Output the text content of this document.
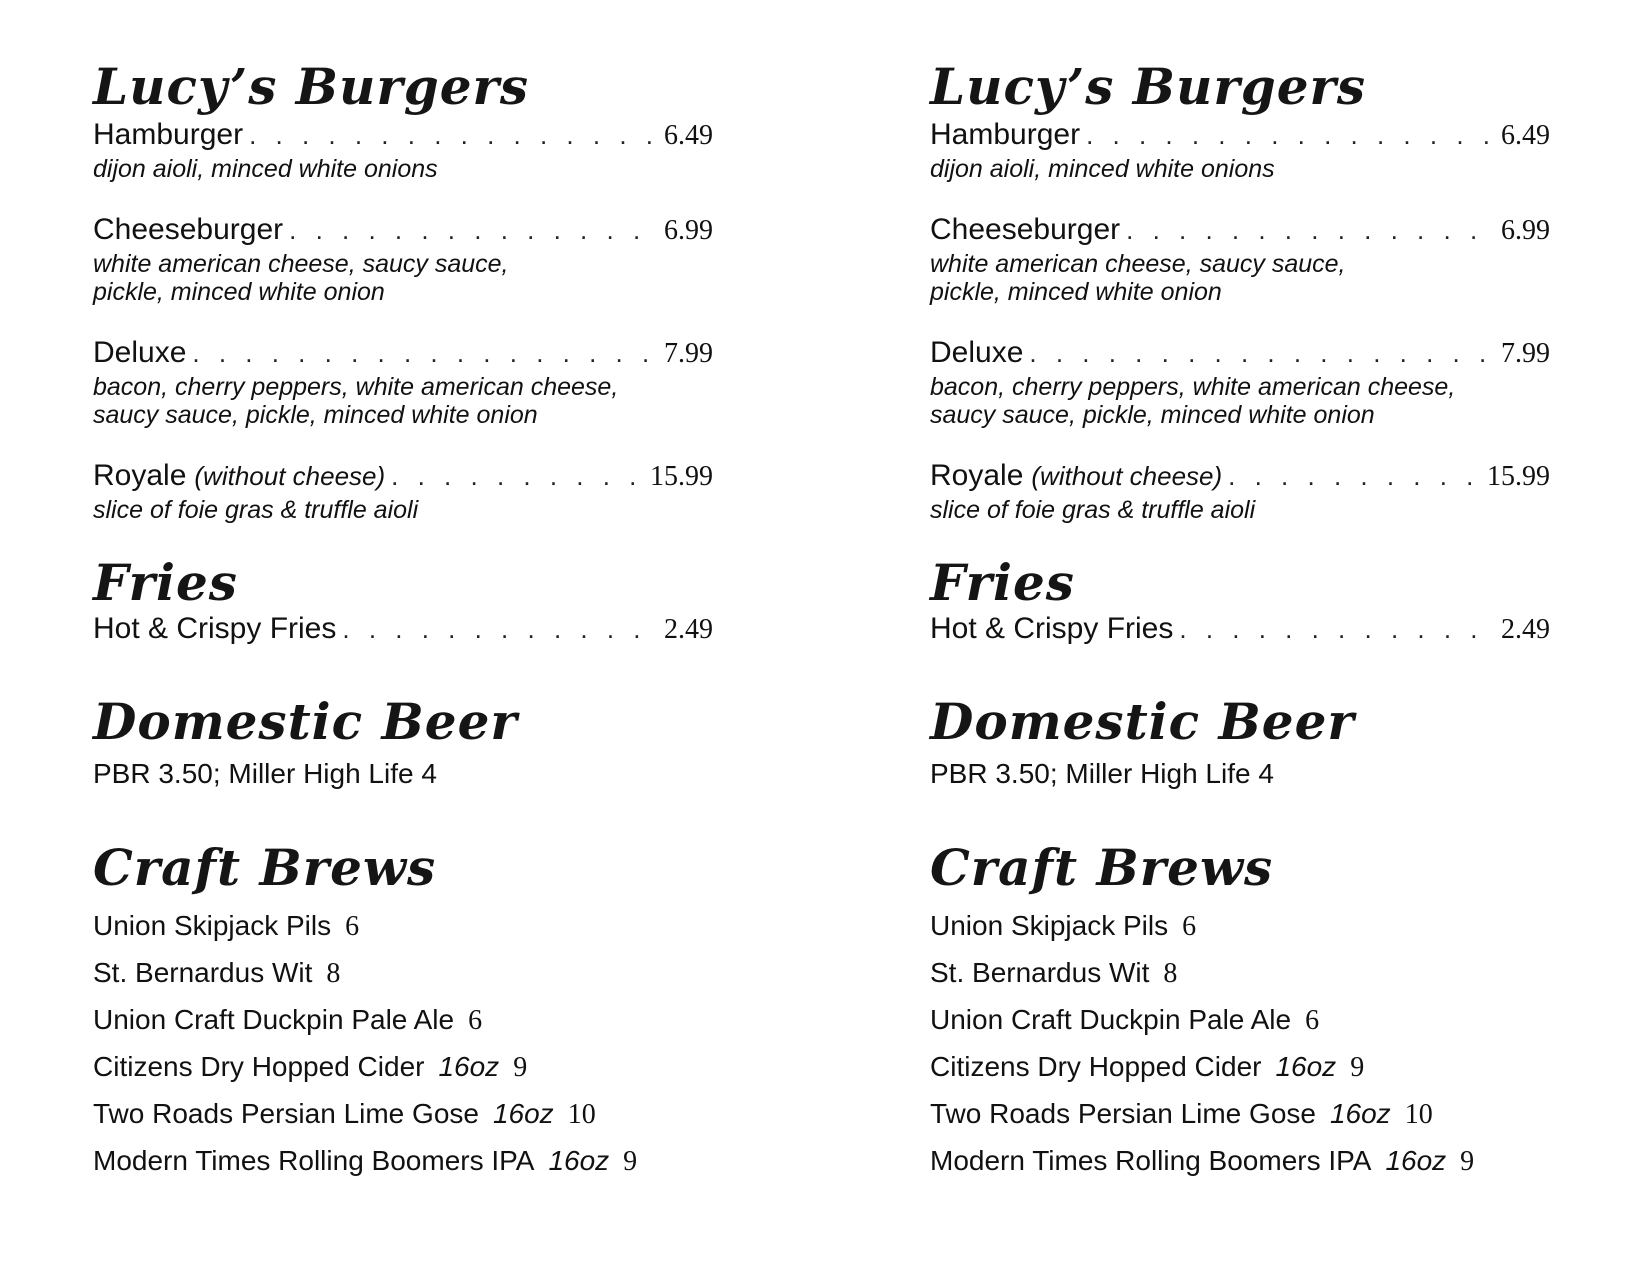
Lucy’s Burgers
Hamburger . . .	6.49
dijon aioli, minced white onions
Cheeseburger . . .	6.99
white american cheese, saucy sauce,
pickle, minced white onion
Deluxe . . .	7.99
bacon, cherry peppers, white american cheese,
saucy sauce, pickle, minced white onion
Royale (without cheese) . . .	15.99
slice of foie gras & truffle aioli
Fries
Hot & Crispy Fries . . .	2.49
Domestic Beer
PBR 3.50; Miller High Life 4
Craft Brews
Union Skipjack Pils 6
St. Bernardus Wit 8
Union Craft Duckpin Pale Ale 6
Citizens Dry Hopped Cider 16oz 9
Two Roads Persian Lime Gose 16oz 10
Modern Times Rolling Boomers IPA 16oz 9
Lucy’s Burgers
Hamburger . . .	6.49
dijon aioli, minced white onions
Cheeseburger . . .	6.99
white american cheese, saucy sauce,
pickle, minced white onion
Deluxe . . .	7.99
bacon, cherry peppers, white american cheese,
saucy sauce, pickle, minced white onion
Royale (without cheese) . . .	15.99
slice of foie gras & truffle aioli
Fries
Hot & Crispy Fries . . .	2.49
Domestic Beer
PBR 3.50; Miller High Life 4
Craft Brews
Union Skipjack Pils 6
St. Bernardus Wit 8
Union Craft Duckpin Pale Ale 6
Citizens Dry Hopped Cider 16oz 9
Two Roads Persian Lime Gose 16oz 10
Modern Times Rolling Boomers IPA 16oz 9
